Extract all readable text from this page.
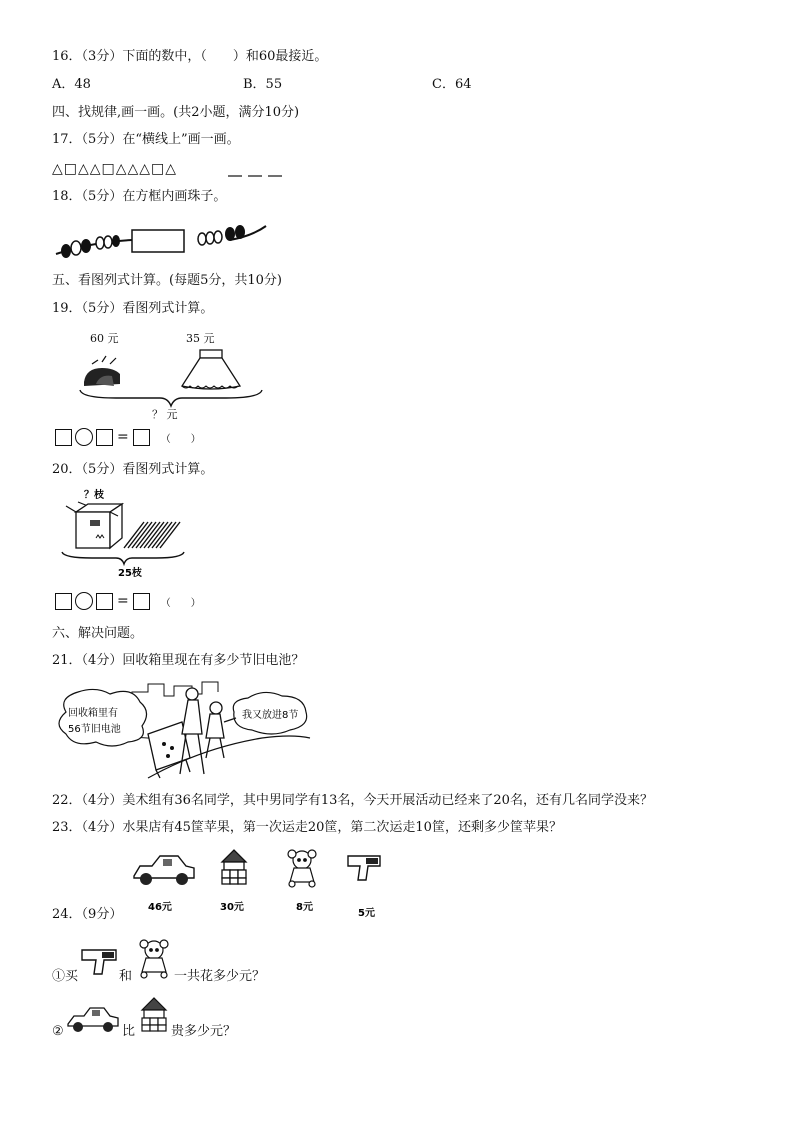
16．（3分）下面的数中，（　　）和60最接近。
A．48	B．55	C．64
四、找规律,画一画。(共2小题，满分10分)
17．（5分）在“横线上”画一画。
△□△△□△△△□△
18．（5分）在方框内画珠子。
五、看图列式计算。(每题5分，共10分)
19．（5分）看图列式计算。
60 元	35 元
？ 元
=	（　　）
20．（5分）看图列式计算。
？枝
25枝
=	（　　）
六、解决问题。
21．（4分）回收箱里现在有多少节旧电池？
回收箱里有
56节旧电池
我又放进8节
22．（4分）美术组有36名同学，其中男同学有13名，今天开展活动已经来了20名，还有几名同学没来？
23．（4分）水果店有45筐苹果，第一次运走20筐，第二次运走10筐，还剩多少筐苹果？
46元	30元	8元
5元
24．（9分）
①买	和	一共花多少元？
②	比	贵多少元？
